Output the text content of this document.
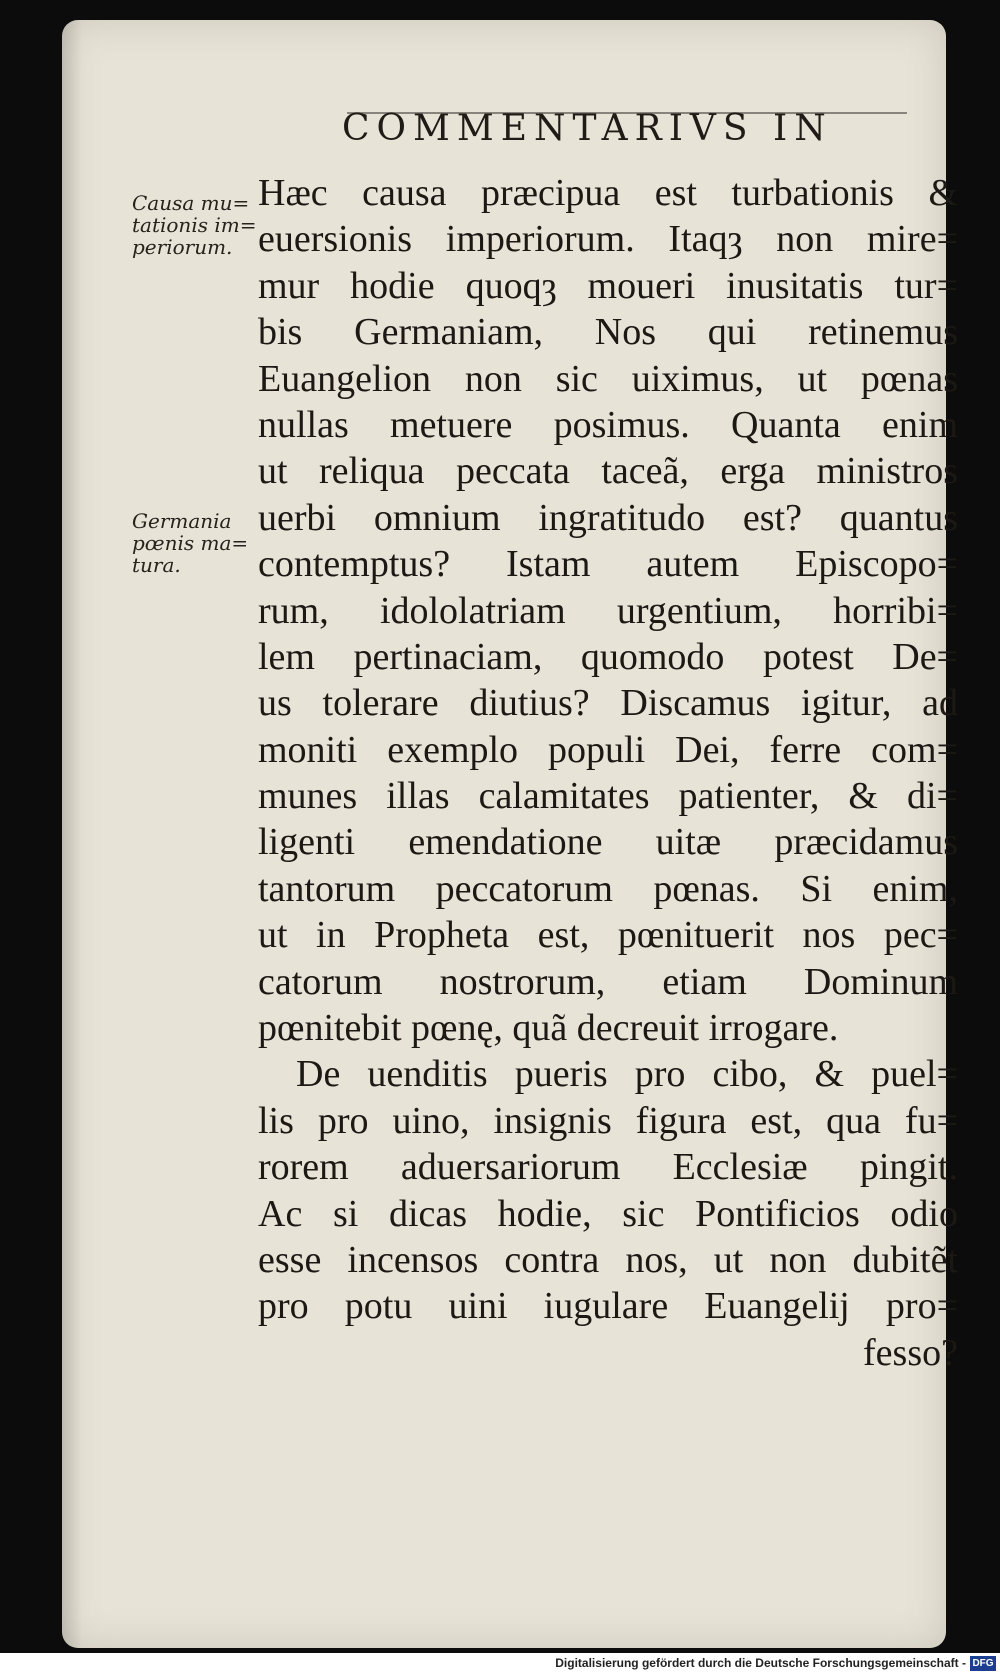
COMMENTARIVS IN
Causa mu=
tationis im=
periorum.
Germania
pœnis ma=
tura.
Hæc causa præcipua est turbationis &
euersionis imperiorum. Itaqȝ non mire=
mur hodie quoqȝ moueri inusitatis tur=
bis Germaniam, Nos qui retinemus
Euangelion non sic uiximus, ut pœnas
nullas metuere posimus. Quanta enim
ut reliqua peccata taceã, erga ministros
uerbi omnium ingratitudo est? quantus
contemptus? Istam autem Episcopo=
rum, idololatriam urgentium, horribi=
lem pertinaciam, quomodo potest De=
us tolerare diutius? Discamus igitur, ad
moniti exemplo populi Dei, ferre com=
munes illas calamitates patienter, & di=
ligenti emendatione uitæ præcidamus
tantorum peccatorum pœnas. Si enim,
ut in Propheta est, pœnituerit nos pec=
catorum nostrorum, etiam Dominum
pœnitebit pœnę, quã decreuit irrogare.
De uenditis pueris pro cibo, & puel=
lis pro uino, insignis figura est, qua fu=
rorem aduersariorum Ecclesiæ pingit.
Ac si dicas hodie, sic Pontificios odio
esse incensos contra nos, ut non dubitẽt
pro potu uini iugulare Euangelĳ pro=
fesso?
Digitalisierung gefördert durch die Deutsche Forschungsgemeinschaft - DFG
